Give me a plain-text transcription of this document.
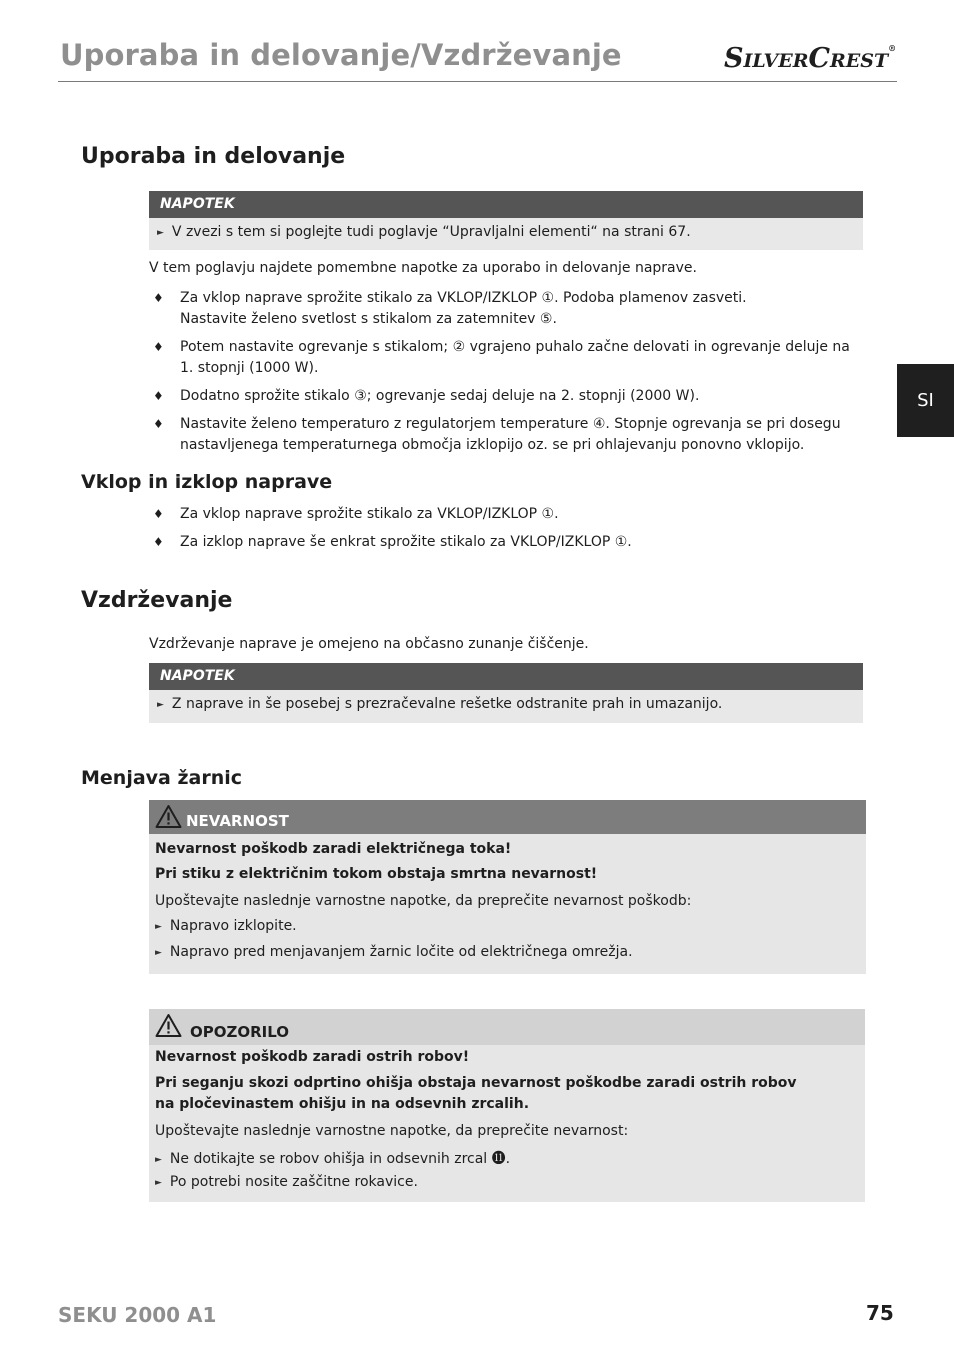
Uporaba in delovanje/Vzdrževanje	SILVERCREST®
Uporaba in delovanje
NAPOTEK
► V zvezi s tem si poglejte tudi poglavje “Upravljalni elementi“ na strani 67.
V tem poglavju najdete pomembne napotke za uporabo in delovanje naprave.
♦ Za vklop naprave sprožite stikalo za VKLOP/IZKLOP ①. Podoba plamenov zasveti.
Nastavite želeno svetlost s stikalom za zatemnitev ⑤.
♦ Potem nastavite ogrevanje s stikalom; ② vgrajeno puhalo začne delovati in ogrevanje deluje na
1. stopnji (1000 W).
♦ Dodatno sprožite stikalo ③; ogrevanje sedaj deluje na 2. stopnji (2000 W).
♦ Nastavite želeno temperaturo z regulatorjem temperature ④. Stopnje ogrevanja se pri dosegu
nastavljenega temperaturnega območja izklopijo oz. se pri ohlajevanju ponovno vklopijo.
Vklop in izklop naprave
♦ Za vklop naprave sprožite stikalo za VKLOP/IZKLOP ①.
♦ Za izklop naprave še enkrat sprožite stikalo za VKLOP/IZKLOP ①.
Vzdrževanje
Vzdrževanje naprave je omejeno na občasno zunanje čiščenje.
NAPOTEK
► Z naprave in še posebej s prezračevalne rešetke odstranite prah in umazanijo.
Menjava žarnic
NEVARNOST
Nevarnost poškodb zaradi električnega toka!
Pri stiku z električnim tokom obstaja smrtna nevarnost!
Upoštevajte naslednje varnostne napotke, da preprečite nevarnost poškodb:
► Napravo izklopite.
► Napravo pred menjavanjem žarnic ločite od električnega omrežja.
OPOZORILO
Nevarnost poškodb zaradi ostrih robov!
Pri seganju skozi odprtino ohišja obstaja nevarnost poškodbe zaradi ostrih robov
na pločevinastem ohišju in na odsevnih zrcalih.
Upoštevajte naslednje varnostne napotke, da preprečite nevarnost:
► Ne dotikajte se robov ohišja in odsevnih zrcal ⓫.
► Po potrebi nosite zaščitne rokavice.
SI
SEKU 2000 A1	75
